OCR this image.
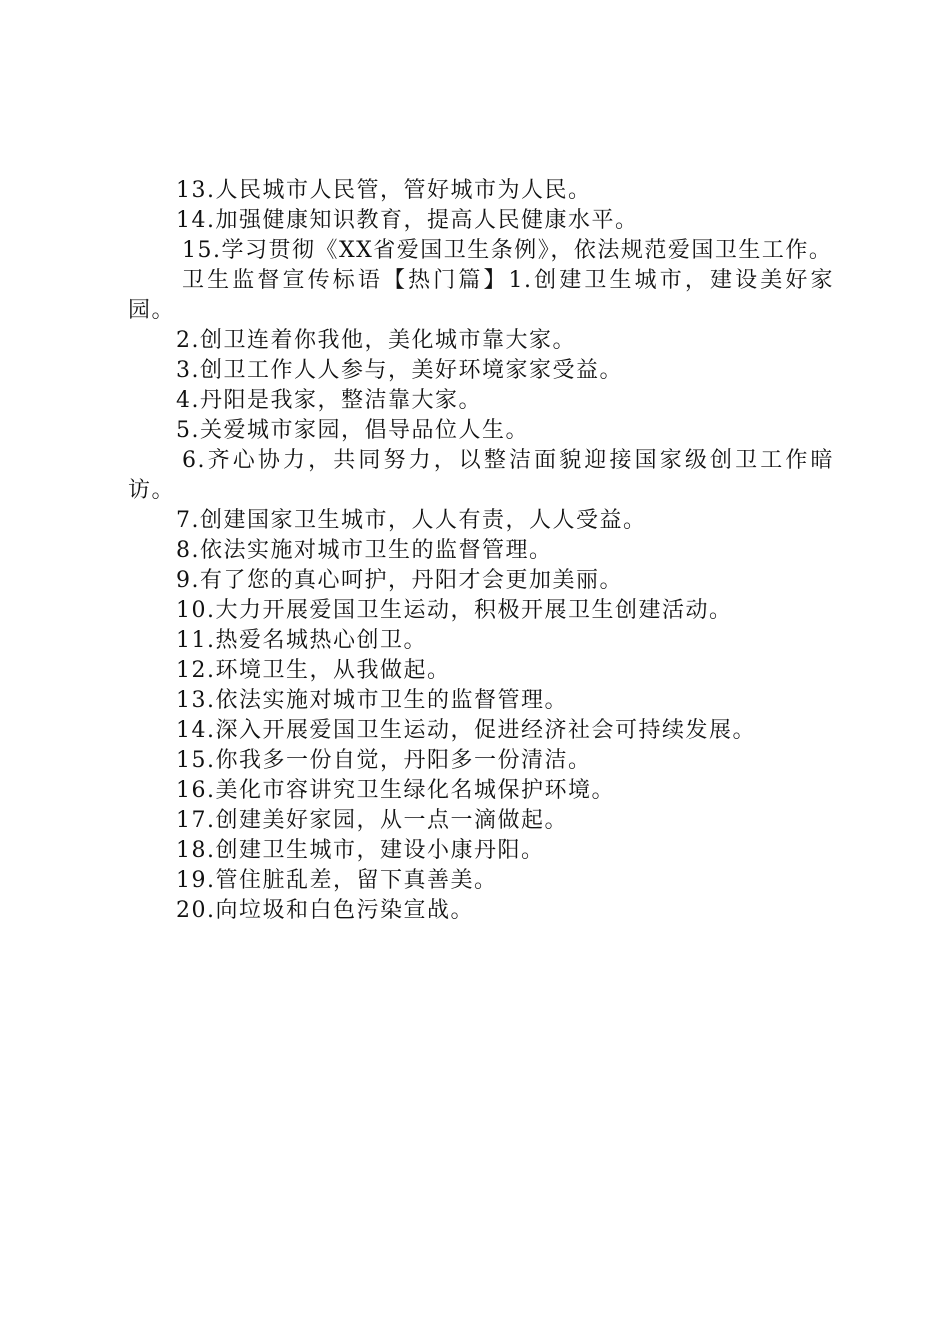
13.人民城市人民管，管好城市为人民。

14.加强健康知识教育，提高人民健康水平。

15.学习贯彻《XX省爱国卫生条例》，依法规范爱国卫生工作。

卫生监督宣传标语【热门篇】1.创建卫生城市，建设美好家园。

2.创卫连着你我他，美化城市靠大家。

3.创卫工作人人参与，美好环境家家受益。

4.丹阳是我家，整洁靠大家。

5.关爱城市家园，倡导品位人生。

6.齐心协力，共同努力，以整洁面貌迎接国家级创卫工作暗访。

7.创建国家卫生城市，人人有责，人人受益。

8.依法实施对城市卫生的监督管理。

9.有了您的真心呵护，丹阳才会更加美丽。

10.大力开展爱国卫生运动，积极开展卫生创建活动。

11.热爱名城热心创卫。

12.环境卫生，从我做起。

13.依法实施对城市卫生的监督管理。

14.深入开展爱国卫生运动，促进经济社会可持续发展。

15.你我多一份自觉，丹阳多一份清洁。

16.美化市容讲究卫生绿化名城保护环境。

17.创建美好家园，从一点一滴做起。

18.创建卫生城市，建设小康丹阳。

19.管住脏乱差，留下真善美。

20.向垃圾和白色污染宣战。
